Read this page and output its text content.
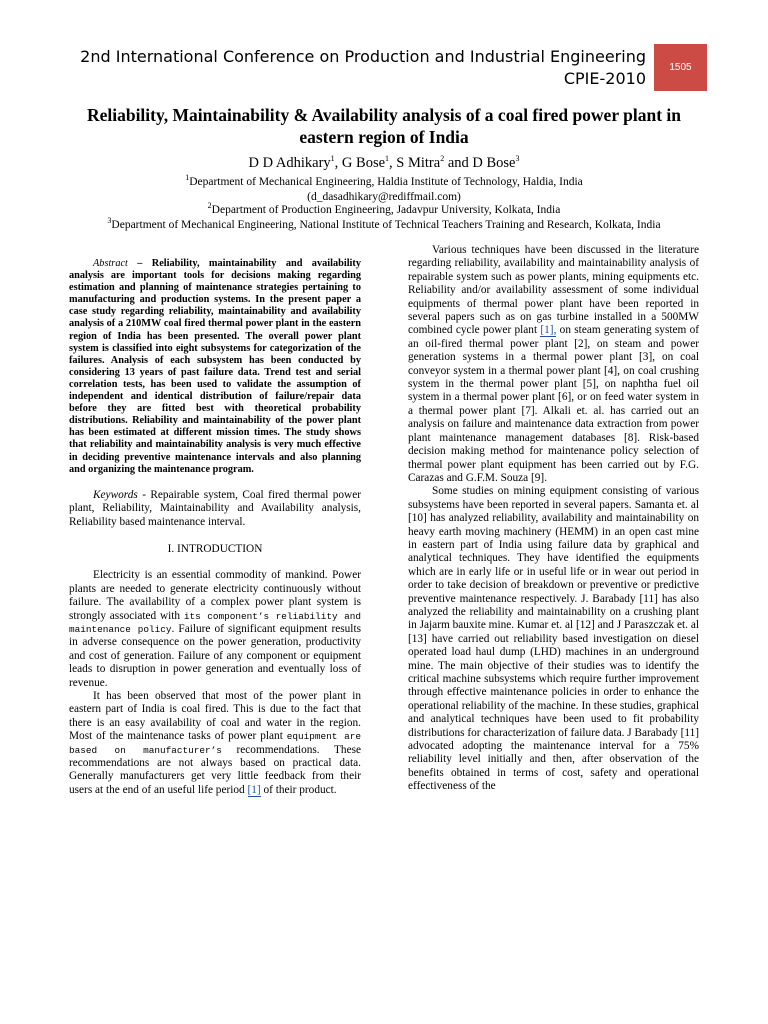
2nd International Conference on Production and Industrial Engineering
CPIE-2010
1505
Reliability, Maintainability & Availability analysis of a coal fired power plant in eastern region of India
D D Adhikary$^1$, G Bose$^1$, S Mitra$^2$ and D Bose$^3$
$^1$Department of Mechanical Engineering, Haldia Institute of Technology, Haldia, India
(d_dasadhikary@rediffmail.com)
$^2$Department of Production Engineering, Jadavpur University, Kolkata, India
$^3$Department of Mechanical Engineering, National Institute of Technical Teachers Training and Research, Kolkata, India

Abstract – Reliability, maintainability and availability analysis are important tools for decisions making regarding estimation and planning of maintenance strategies pertaining to manufacturing and production systems. In the present paper a case study regarding reliability, maintainability and availability analysis of a 210MW coal fired thermal power plant in the eastern region of India has been presented. The overall power plant system is classified into eight subsystems for categorization of the failures. Analysis of each subsystem has been conducted by considering 13 years of past failure data. Trend test and serial correlation tests, has been used to validate the assumption of independent and identical distribution of failure/repair data before they are fitted best with theoretical probability distributions. Reliability and maintainability of the power plant has been estimated at different mission times. The study shows that reliability and maintainability analysis is very much effective in deciding preventive maintenance intervals and also planning and organizing the maintenance program.

Keywords - Repairable system, Coal fired thermal power plant, Reliability, Maintainability and Availability analysis, Reliability based maintenance interval.

I. INTRODUCTION

Electricity is an essential commodity of mankind. Power plants are needed to generate electricity continuously without failure. The availability of a complex power plant system is strongly associated with its component’s reliability and maintenance policy. Failure of significant equipment results in adverse consequence on the power generation, productivity and cost of generation. Failure of any component or equipment leads to disruption in power generation and eventually loss of revenue.

It has been observed that most of the power plant in eastern part of India is coal fired. This is due to the fact that there is an easy availability of coal and water in the region. Most of the maintenance tasks of power plant equipment are based on manufacturer’s recommendations. These recommendations are not always based on practical data. Generally manufacturers get very little feedback from their users at the end of an useful life period [1] of their product.

Various techniques have been discussed in the literature regarding reliability, availability and maintainability analysis of repairable system such as power plants, mining equipments etc. Reliability and/or availability assessment of some individual equipments of thermal power plant have been reported in several papers such as on gas turbine installed in a 500MW combined cycle power plant [1], on steam generating system of an oil-fired thermal power plant [2], on steam and power generation systems in a thermal power plant [3], on coal conveyor system in a thermal power plant [4], on coal crushing system in the thermal power plant [5], on naphtha fuel oil system in a thermal power plant [6], or on feed water system in a thermal power plant [7]. Alkali et. al. has carried out an analysis on failure and maintenance data extraction from power plant maintenance management databases [8]. Risk-based decision making method for maintenance policy selection of thermal power plant equipment has been carried out by F.G. Carazas and G.F.M. Souza [9].

Some studies on mining equipment consisting of various subsystems have been reported in several papers. Samanta et. al [10] has analyzed reliability, availability and maintainability on heavy earth moving machinery (HEMM) in an open cast mine in eastern part of India using failure data by graphical and analytical techniques. They have identified the equipments which are in early life or in useful life or in wear out period in order to take decision of breakdown or preventive or predictive preventive maintenance respectively. J. Barabady [11] has also analyzed the reliability and maintainability on a crushing plant in Jajarm bauxite mine. Kumar et. al [12] and J Paraszczak et. al [13] have carried out reliability based investigation on diesel operated load haul dump (LHD) machines in an underground mine. The main objective of their studies was to identify the critical machine subsystems which require further improvement through effective maintenance policies in order to enhance the operational reliability of the machine. In these studies, graphical and analytical techniques have been used to fit probability distributions for characterization of failure data. J Barabady [11] advocated adopting the maintenance interval for a 75% reliability level initially and then, after observation of the benefits obtained in terms of cost, safety and operational effectiveness of the
